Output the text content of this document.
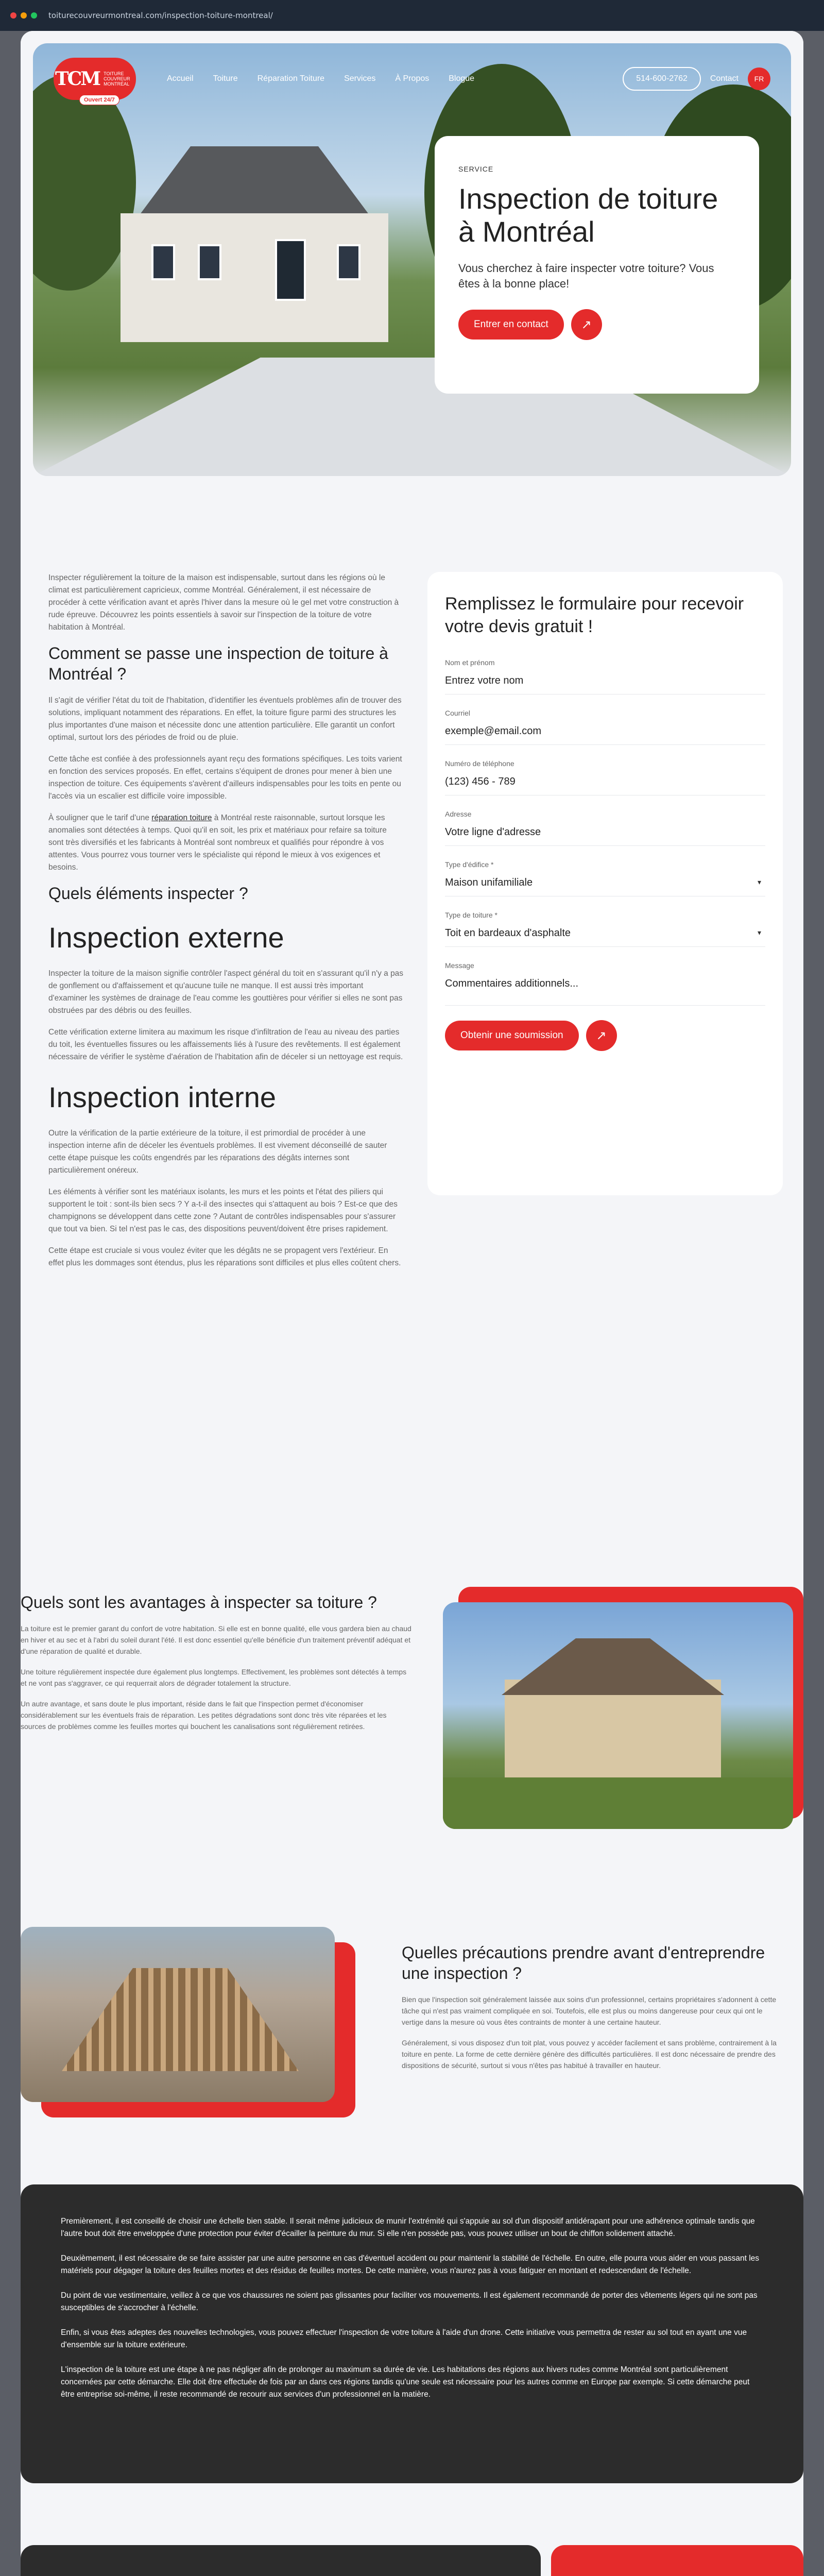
toiturecouvreurmontreal.com/inspection-toiture-montreal/
TCM TOITURE COUVREUR MONTRÉAL
Ouvert 24/7
Accueil Toiture Réparation Toiture Services À Propos Blogue	514-600-2762	Contact	FR
SERVICE
Inspection de toiture à Montréal

Vous cherchez à faire inspecter votre toiture? Vous êtes à la bonne place!

Entrer en contact	↗

Inspecter régulièrement la toiture de la maison est indispensable, surtout dans les régions où le climat est particulièrement capricieux, comme Montréal. Généralement, il est nécessaire de procéder à cette vérification avant et après l'hiver dans la mesure où le gel met votre construction à rude épreuve. Découvrez les points essentiels à savoir sur l'inspection de la toiture de votre habitation à Montréal.

Comment se passe une inspection de toiture à Montréal ?

Il s'agit de vérifier l'état du toit de l'habitation, d'identifier les éventuels problèmes afin de trouver des solutions, impliquant notamment des réparations. En effet, la toiture figure parmi des structures les plus importantes d'une maison et nécessite donc une attention particulière. Elle garantit un confort optimal, surtout lors des périodes de froid ou de pluie.

Cette tâche est confiée à des professionnels ayant reçu des formations spécifiques. Les toits varient en fonction des services proposés. En effet, certains s'équipent de drones pour mener à bien une inspection de toiture. Ces équipements s'avèrent d'ailleurs indispensables pour les toits en pente ou l'accès via un escalier est difficile voire impossible.

À souligner que le tarif d'une réparation toiture à Montréal reste raisonnable, surtout lorsque les anomalies sont détectées à temps. Quoi qu'il en soit, les prix et matériaux pour refaire sa toiture sont très diversifiés et les fabricants à Montréal sont nombreux et qualifiés pour répondre à vos attentes. Vous pourrez vous tourner vers le spécialiste qui répond le mieux à vos exigences et besoins.

Quels éléments inspecter ?
Inspection externe

Inspecter la toiture de la maison signifie contrôler l'aspect général du toit en s'assurant qu'il n'y a pas de gonflement ou d'affaissement et qu'aucune tuile ne manque. Il est aussi très important d'examiner les systèmes de drainage de l'eau comme les gouttières pour vérifier si elles ne sont pas obstruées par des débris ou des feuilles.

Cette vérification externe limitera au maximum les risque d'infiltration de l'eau au niveau des parties du toit, les éventuelles fissures ou les affaissements liés à l'usure des revêtements. Il est également nécessaire de vérifier le système d'aération de l'habitation afin de déceler si un nettoyage est requis.

Inspection interne

Outre la vérification de la partie extérieure de la toiture, il est primordial de procéder à une inspection interne afin de déceler les éventuels problèmes. Il est vivement déconseillé de sauter cette étape puisque les coûts engendrés par les réparations des dégâts internes sont particulièrement onéreux.

Les éléments à vérifier sont les matériaux isolants, les murs et les points et l'état des piliers qui supportent le toit : sont-ils bien secs ? Y a-t-il des insectes qui s'attaquent au bois ? Est-ce que des champignons se développent dans cette zone ? Autant de contrôles indispensables pour s'assurer que tout va bien. Si tel n'est pas le cas, des dispositions peuvent/doivent être prises rapidement.

Cette étape est cruciale si vous voulez éviter que les dégâts ne se propagent vers l'extérieur. En effet plus les dommages sont étendus, plus les réparations sont difficiles et plus elles coûtent chers.

Remplissez le formulaire pour recevoir votre devis gratuit !
Nom et prénom
Entrez votre nom
Courriel
exemple@email.com
Numéro de téléphone
(123) 456 - 789
Adresse
Votre ligne d'adresse
Type d'édifice *
Maison unifamiliale	▾
Type de toiture *
Toit en bardeaux d'asphalte	▾
Message
Commentaires additionnels...
Obtenir une soumission	↗
Quels sont les avantages à inspecter sa toiture ?

La toiture est le premier garant du confort de votre habitation. Si elle est en bonne qualité, elle vous gardera bien au chaud en hiver et au sec et à l'abri du soleil durant l'été. Il est donc essentiel qu'elle bénéficie d'un traitement préventif adéquat et d'une réparation de qualité et durable.

Une toiture régulièrement inspectée dure également plus longtemps. Effectivement, les problèmes sont détectés à temps et ne vont pas s'aggraver, ce qui requerrait alors de dégrader totalement la structure.

Un autre avantage, et sans doute le plus important, réside dans le fait que l'inspection permet d'économiser considérablement sur les éventuels frais de réparation. Les petites dégradations sont donc très vite réparées et les sources de problèmes comme les feuilles mortes qui bouchent les canalisations sont régulièrement retirées.

Quelles précautions prendre avant d'entreprendre une inspection ?

Bien que l'inspection soit généralement laissée aux soins d'un professionnel, certains propriétaires s'adonnent à cette tâche qui n'est pas vraiment compliquée en soi. Toutefois, elle est plus ou moins dangereuse pour ceux qui ont le vertige dans la mesure où vous êtes contraints de monter à une certaine hauteur.

Généralement, si vous disposez d'un toit plat, vous pouvez y accéder facilement et sans problème, contrairement à la toiture en pente. La forme de cette dernière génère des difficultés particulières. Il est donc nécessaire de prendre des dispositions de sécurité, surtout si vous n'êtes pas habitué à travailler en hauteur.

Premièrement, il est conseillé de choisir une échelle bien stable. Il serait même judicieux de munir l'extrémité qui s'appuie au sol d'un dispositif antidérapant pour une adhérence optimale tandis que l'autre bout doit être enveloppée d'une protection pour éviter d'écailler la peinture du mur. Si elle n'en possède pas, vous pouvez utiliser un bout de chiffon solidement attaché.

Deuxièmement, il est nécessaire de se faire assister par une autre personne en cas d'éventuel accident ou pour maintenir la stabilité de l'échelle. En outre, elle pourra vous aider en vous passant les matériels pour dégager la toiture des feuilles mortes et des résidus de feuilles mortes. De cette manière, vous n'aurez pas à vous fatiguer en montant et redescendant de l'échelle.

Du point de vue vestimentaire, veillez à ce que vos chaussures ne soient pas glissantes pour faciliter vos mouvements. Il est également recommandé de porter des vêtements légers qui ne sont pas susceptibles de s'accrocher à l'échelle.

Enfin, si vous êtes adeptes des nouvelles technologies, vous pouvez effectuer l'inspection de votre toiture à l'aide d'un drone. Cette initiative vous permettra de rester au sol tout en ayant une vue d'ensemble sur la toiture extérieure.

L'inspection de la toiture est une étape à ne pas négliger afin de prolonger au maximum sa durée de vie. Les habitations des régions aux hivers rudes comme Montréal sont particulièrement concernées par cette démarche. Elle doit être effectuée de fois par an dans ces régions tandis qu'une seule est nécessaire pour les autres comme en Europe par exemple. Si cette démarche peut être entreprise soi-même, il reste recommandé de recourir aux services d'un professionnel en la matière.
